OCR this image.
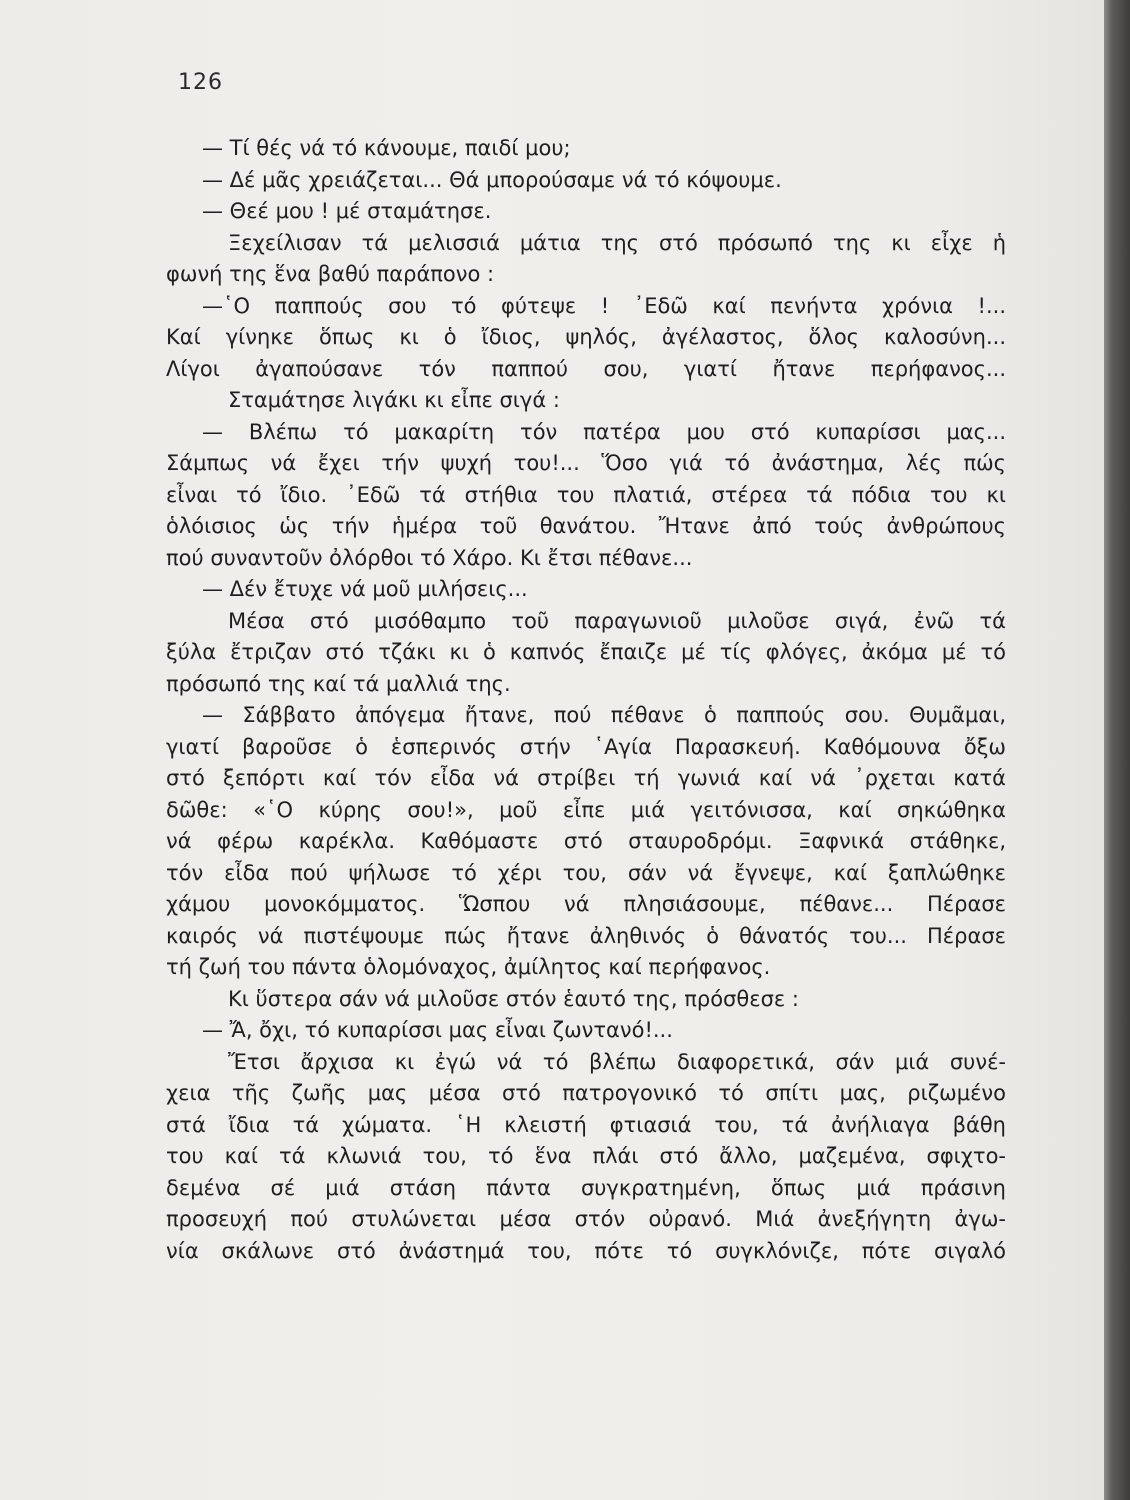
126
— Τί θές νά τό κάνουμε, παιδί μου;
— Δέ μᾶς χρειάζεται... Θά μπορούσαμε νά τό κόψουμε.
— Θεέ μου ! μέ σταμάτησε.
Ξεχείλισαν τά μελισσιά μάτια της στό πρόσωπό της κι εἶχε ἡ
φωνή της ἕνα βαθύ παράπονο :
—῾Ο παππούς σου τό φύτεψε ! ᾿Εδῶ καί πενήντα χρόνια !...
Καί γίνηκε ὅπως κι ὁ ἴδιος, ψηλός, ἀγέλαστος, ὅλος καλοσύνη...
Λίγοι ἀγαπούσανε τόν παππού σου, γιατί ἤτανε περήφανος...
Σταμάτησε λιγάκι κι εἶπε σιγά :
— Βλέπω τό μακαρίτη τόν πατέρα μου στό κυπαρίσσι μας...
Σάμπως νά ἔχει τήν ψυχή του!... Ὅσο γιά τό ἀνάστημα, λές πώς
εἶναι τό ἴδιο. ᾿Εδῶ τά στήθια του πλατιά, στέρεα τά πόδια του κι
ὁλόισιος ὡς τήν ἡμέρα τοῦ θανάτου. Ἤτανε ἀπό τούς ἀνθρώπους
πού συναντοῦν ὀλόρθοι τό Χάρο. Κι ἔτσι πέθανε...
— Δέν ἔτυχε νά μοῦ μιλήσεις...
Μέσα στό μισόθαμπο τοῦ παραγωνιοῦ μιλοῦσε σιγά, ἐνῶ τά
ξύλα ἔτριζαν στό τζάκι κι ὁ καπνός ἔπαιζε μέ τίς φλόγες, ἀκόμα μέ τό
πρόσωπό της καί τά μαλλιά της.
— Σάββατο ἀπόγεμα ἤτανε, πού πέθανε ὁ παππούς σου. Θυμᾶμαι,
γιατί βαροῦσε ὁ ἑσπερινός στήν ῾Αγία Παρασκευή. Καθόμουνα ὄξω
στό ξεπόρτι καί τόν εἶδα νά στρίβει τή γωνιά καί νά ᾿ρχεται κατά
δῶθε: «῾Ο κύρης σου!», μοῦ εἶπε μιά γειτόνισσα, καί σηκώθηκα
νά φέρω καρέκλα. Καθόμαστε στό σταυροδρόμι. Ξαφνικά στάθηκε,
τόν εἶδα πού ψήλωσε τό χέρι του, σάν νά ἔγνεψε, καί ξαπλώθηκε
χάμου μονοκόμματος. Ὥσπου νά πλησιάσουμε, πέθανε... Πέρασε
καιρός νά πιστέψουμε πώς ἤτανε ἀληθινός ὁ θάνατός του... Πέρασε
τή ζωή του πάντα ὁλομόναχος, ἀμίλητος καί περήφανος.
Κι ὕστερα σάν νά μιλοῦσε στόν ἑαυτό της, πρόσθεσε :
— Ἄ, ὄχι, τό κυπαρίσσι μας εἶναι ζωντανό!...
Ἔτσι ἄρχισα κι ἐγώ νά τό βλέπω διαφορετικά, σάν μιά συνέ-
χεια τῆς ζωῆς μας μέσα στό πατρογονικό τό σπίτι μας, ριζωμένο
στά ἴδια τά χώματα. ῾Η κλειστή φτιασιά του, τά ἀνήλιαγα βάθη
του καί τά κλωνιά του, τό ἕνα πλάι στό ἄλλο, μαζεμένα, σφιχτο-
δεμένα σέ μιά στάση πάντα συγκρατημένη, ὅπως μιά πράσινη
προσευχή πού στυλώνεται μέσα στόν οὐρανό. Μιά ἀνεξήγητη ἀγω-
νία σκάλωνε στό ἀνάστημά του, πότε τό συγκλόνιζε, πότε σιγαλό
